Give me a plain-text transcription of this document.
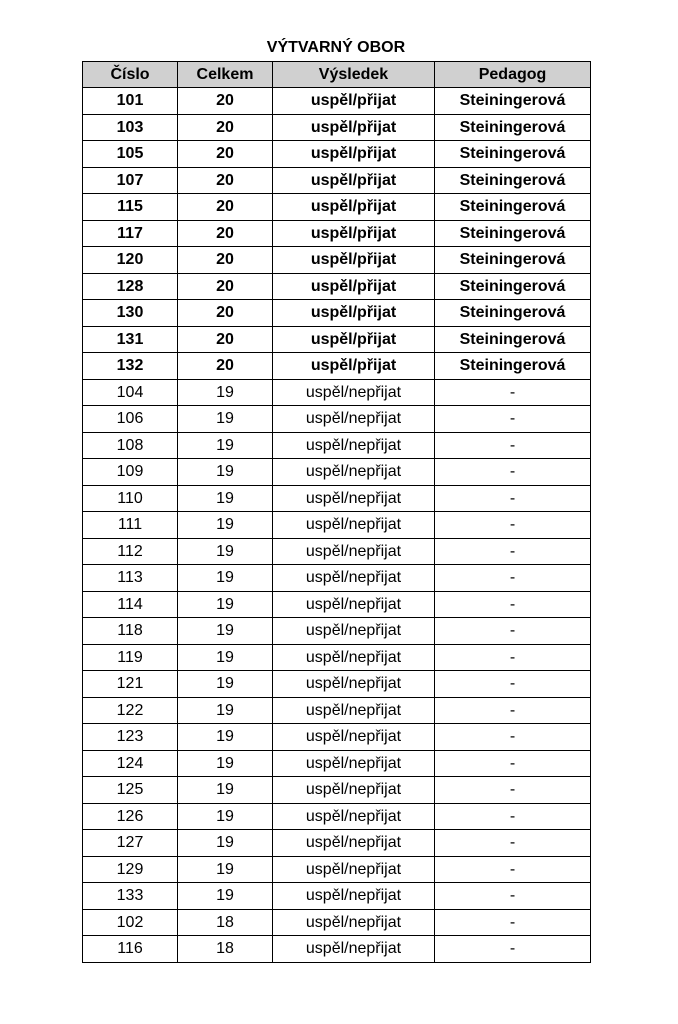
VÝTVARNÝ OBOR
Číslo	Celkem	Výsledek	Pedagog
101	20	uspěl/přijat	Steiningerová
103	20	uspěl/přijat	Steiningerová
105	20	uspěl/přijat	Steiningerová
107	20	uspěl/přijat	Steiningerová
115	20	uspěl/přijat	Steiningerová
117	20	uspěl/přijat	Steiningerová
120	20	uspěl/přijat	Steiningerová
128	20	uspěl/přijat	Steiningerová
130	20	uspěl/přijat	Steiningerová
131	20	uspěl/přijat	Steiningerová
132	20	uspěl/přijat	Steiningerová
104	19	uspěl/nepřijat	-
106	19	uspěl/nepřijat	-
108	19	uspěl/nepřijat	-
109	19	uspěl/nepřijat	-
110	19	uspěl/nepřijat	-
111	19	uspěl/nepřijat	-
112	19	uspěl/nepřijat	-
113	19	uspěl/nepřijat	-
114	19	uspěl/nepřijat	-
118	19	uspěl/nepřijat	-
119	19	uspěl/nepřijat	-
121	19	uspěl/nepřijat	-
122	19	uspěl/nepřijat	-
123	19	uspěl/nepřijat	-
124	19	uspěl/nepřijat	-
125	19	uspěl/nepřijat	-
126	19	uspěl/nepřijat	-
127	19	uspěl/nepřijat	-
129	19	uspěl/nepřijat	-
133	19	uspěl/nepřijat	-
102	18	uspěl/nepřijat	-
116	18	uspěl/nepřijat	-
